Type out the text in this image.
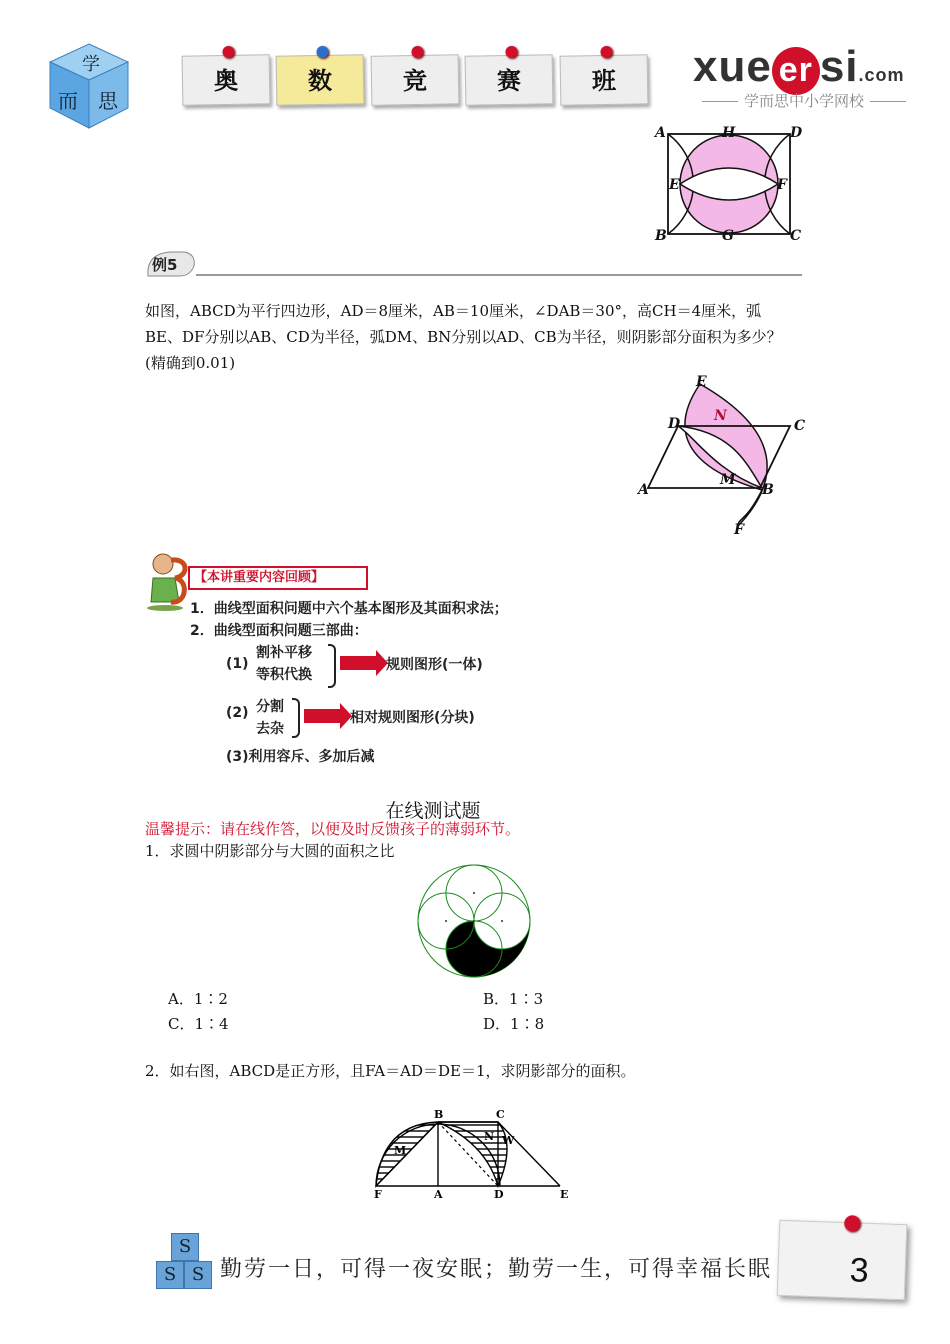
学
而 思
奥	数	竞	赛	班	xue er si.com
学而思中小学网校
A	H	D
E	F
B	G	C
例5
如图，ABCD为平行四边形，AD＝8厘米，AB＝10厘米，∠DAB＝30°，高CH＝4厘米，弧
BE、DF分别以AB、CD为半径，弧DM、BN分别以AD、CB为半径，则阴影部分面积为多少？
(精确到0.01)
E
D N
C
A
M
B
F
【本讲重要内容回顾】
1．曲线型面积问题中六个基本图形及其面积求法；
2．曲线型面积问题三部曲：
(1)
割补平移
等积代换
规则图形(一体)
(2) 分割
去杂
相对规则图形(分块)
(3)利用容斥、多加后减
在线测试题
温馨提示：请在线作答，以便及时反馈孩子的薄弱环节。
1．求圆中阴影部分与大圆的面积之比
A．1∶2	B．1∶3
C．1∶4	D．1∶8
2．如右图，ABCD是正方形，且FA＝AD＝DE＝1，求阴影部分的面积。
B	C
N W
M
F	A	D	E
S
S S 勤劳一日，可得一夜安眠；勤劳一生，可得幸福长眠 3
